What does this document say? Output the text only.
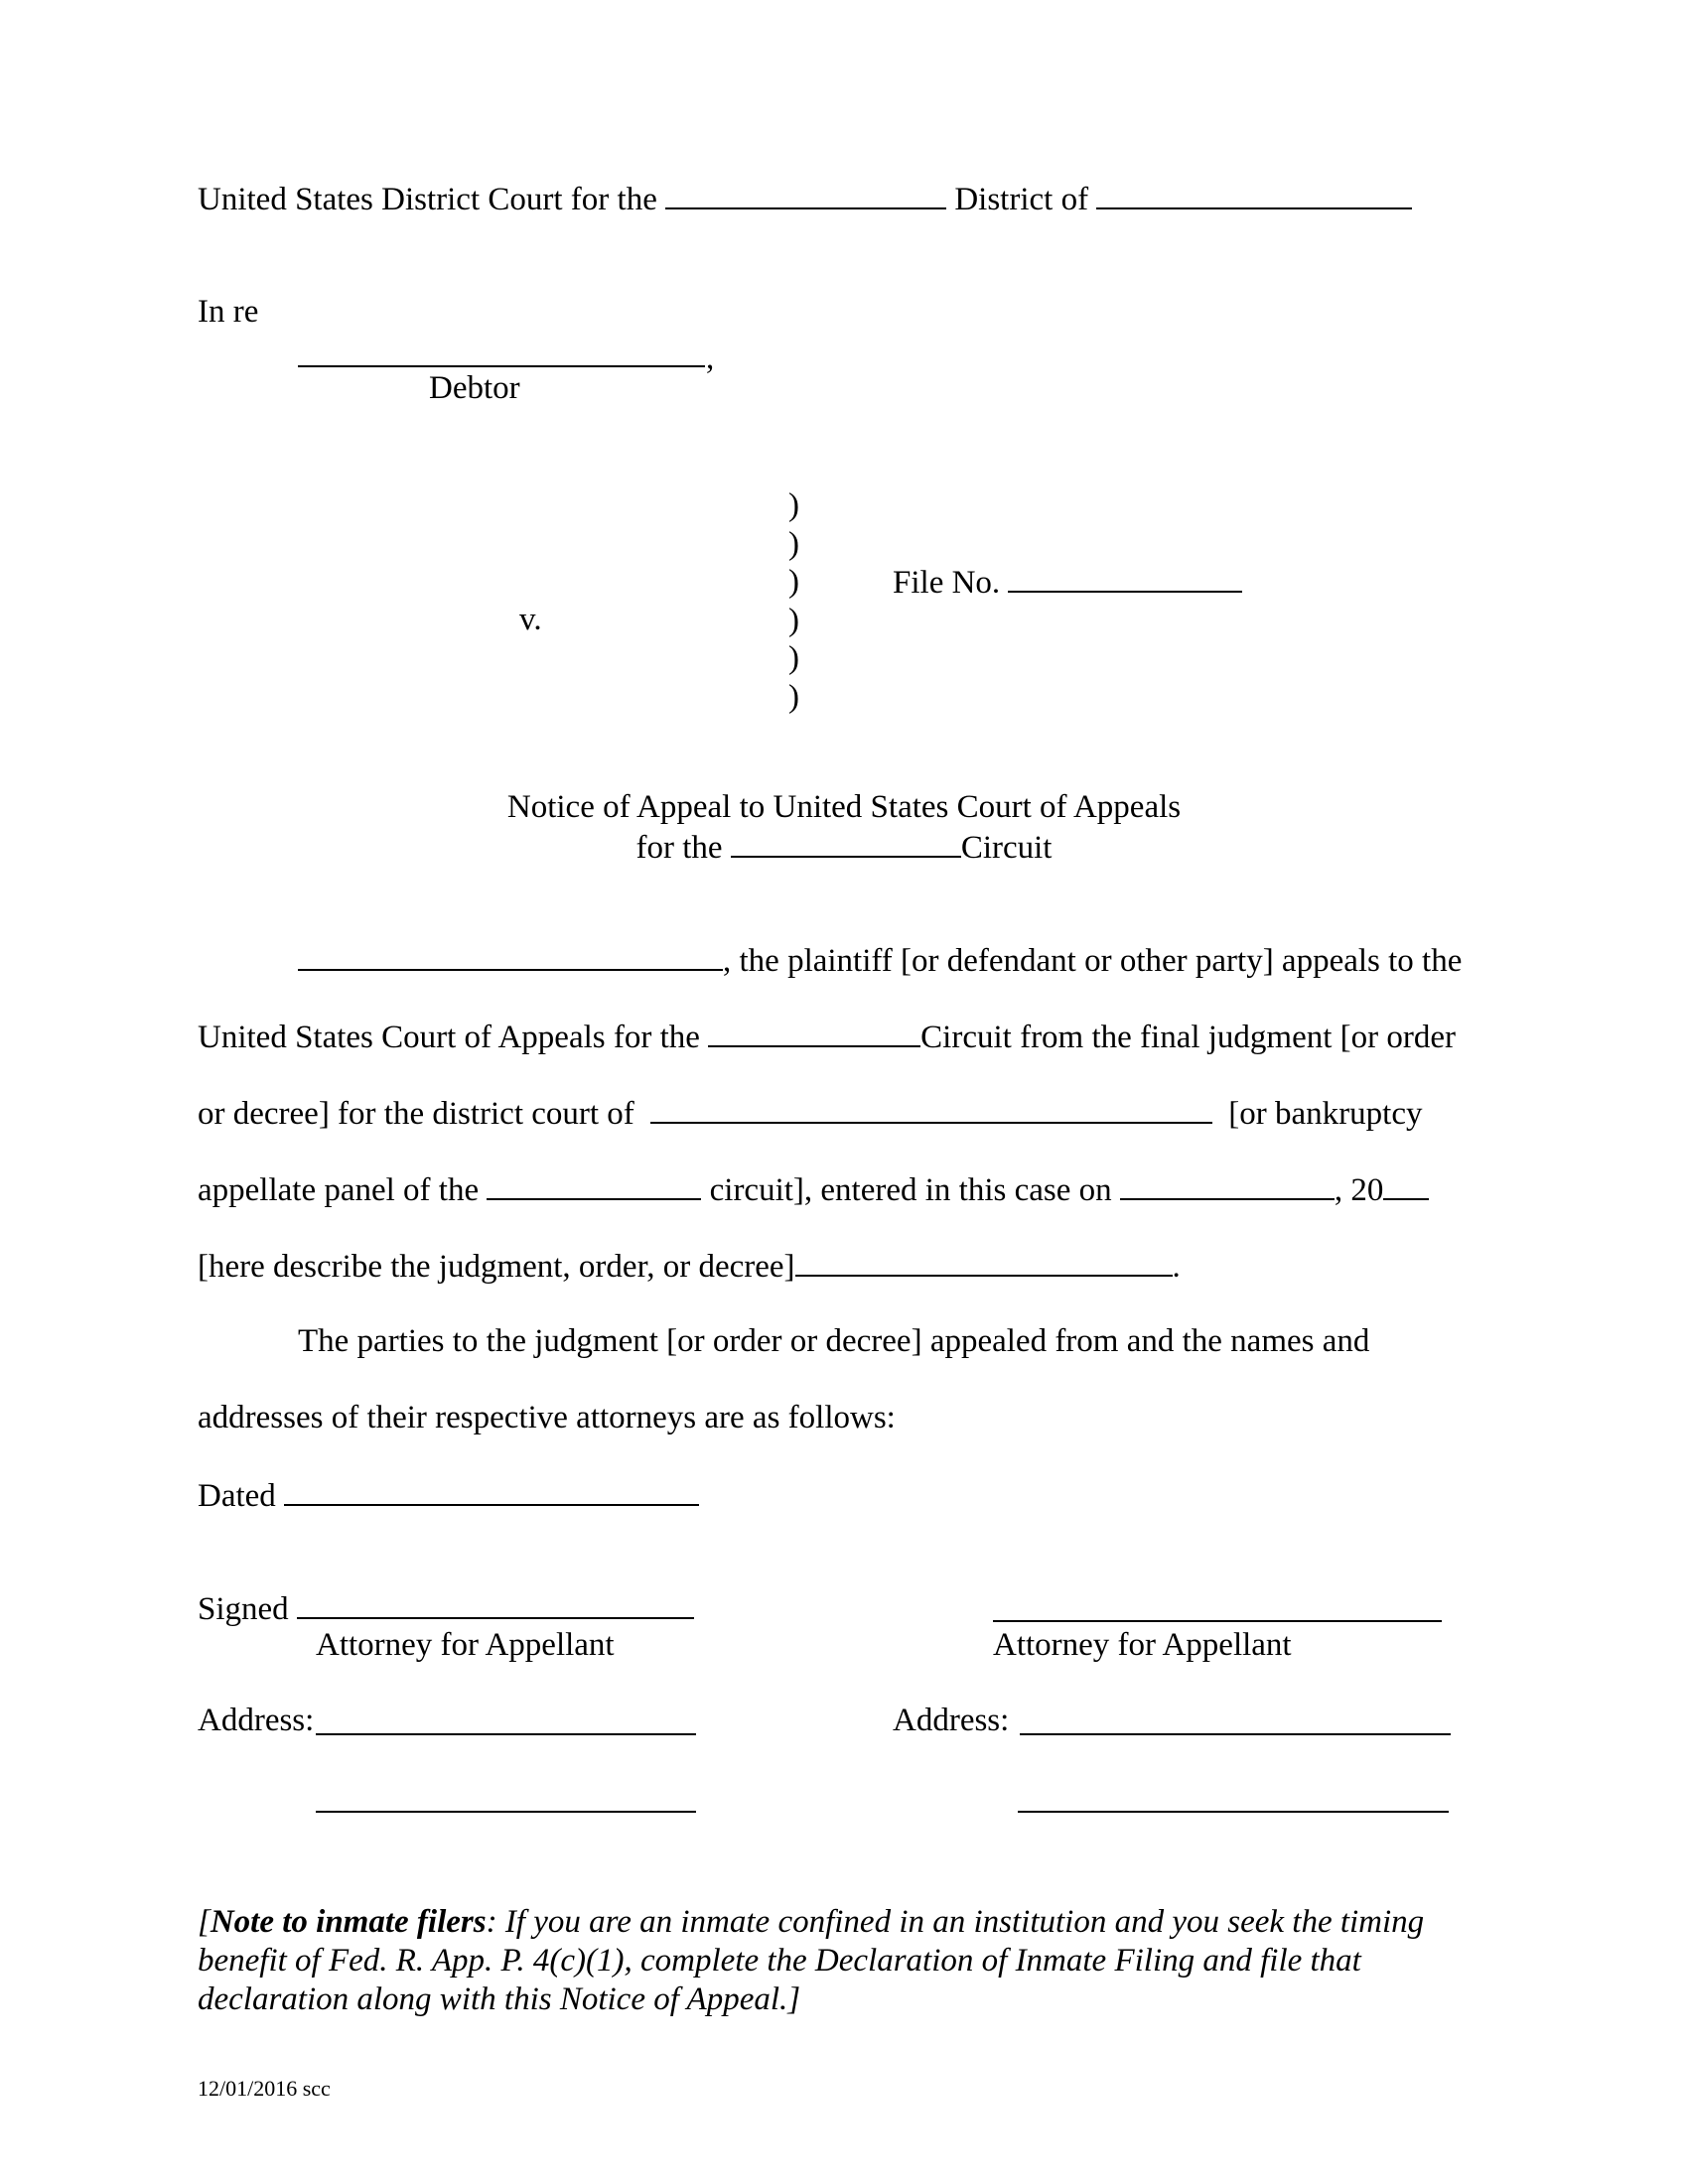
United States District Court for the	District of
In re
,
Debtor
)
)
)
)
)
)
v.
File No.
Notice of Appeal to United States Court of Appeals
for the	Circuit
, the plaintiff [or defendant or other party] appeals to the
United States Court of Appeals for the	Circuit from the final judgment [or order
or decree] for the district court of	[or bankruptcy
appellate panel of the	circuit], entered in this case on	, 20
[here describe the judgment, order, or decree]	.
The parties to the judgment [or order or decree] appealed from and the names and
addresses of their respective attorneys are as follows:
Dated
Signed
Attorney for Appellant	Attorney for Appellant
Address:	Address:
[Note to inmate filers: If you are an inmate confined in an institution and you seek the timing benefit of Fed. R. App. P. 4(c)(1), complete the Declaration of Inmate Filing and file that declaration along with this Notice of Appeal.]
12/01/2016 scc
